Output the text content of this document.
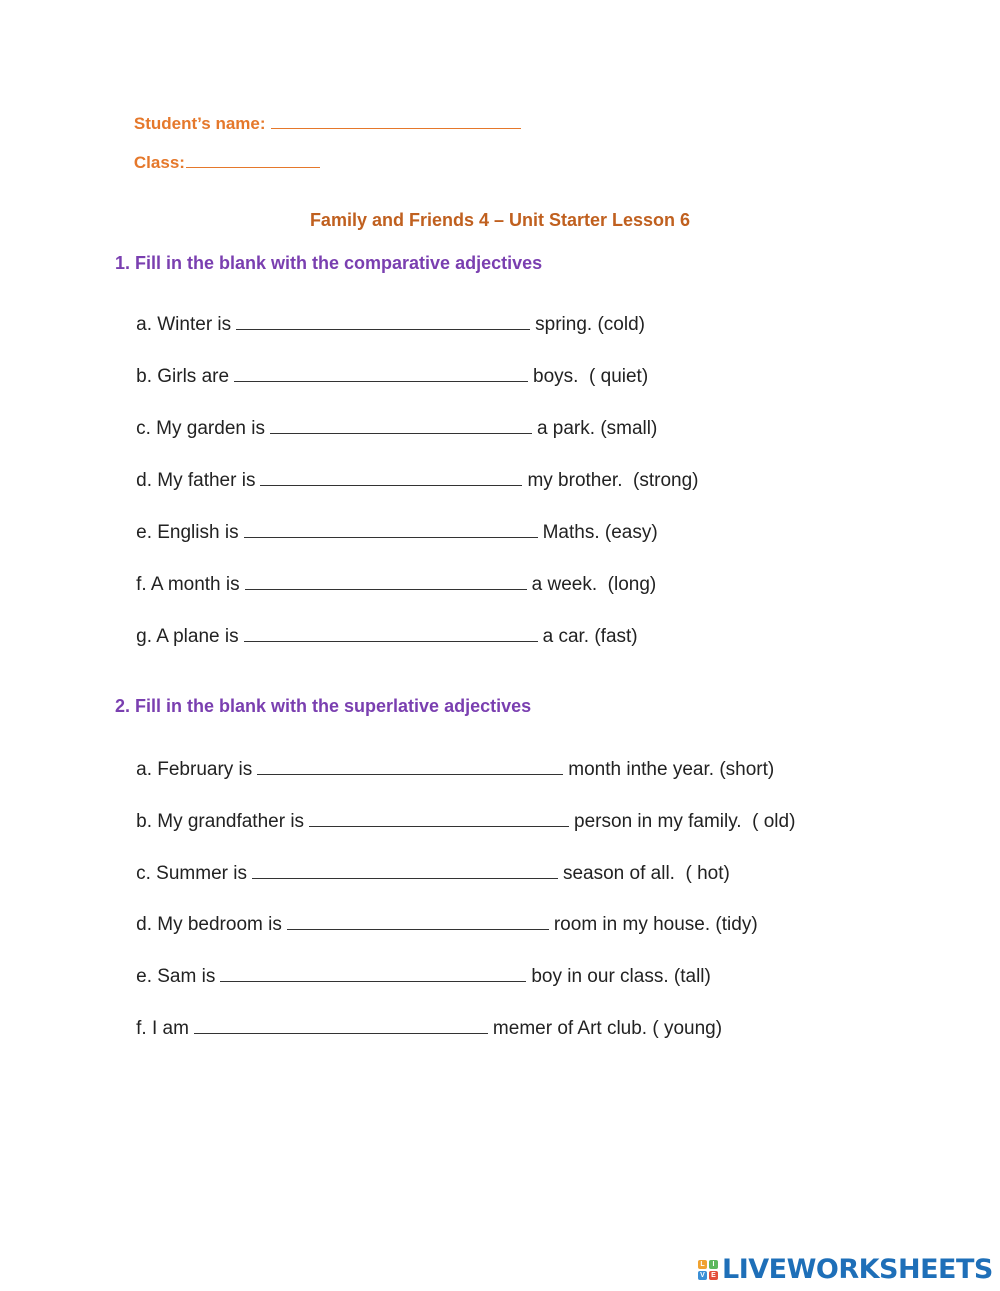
Student’s name:

Class:

Family and Friends 4 – Unit Starter Lesson 6
1. Fill in the blank with the comparative adjectives

a. Winter is	spring. (cold)

b. Girls are	boys.  ( quiet)

c. My garden is	a park. (small)

d. My father is	my brother.  (strong)

e. English is	Maths. (easy)

f. A month is	a week.  (long)

g. A plane is	a car. (fast)

2. Fill in the blank with the superlative adjectives

a. February is	month inthe year. (short)

b. My grandfather is	person in my family.  ( old)

c. Summer is	season of all.  ( hot)

d. My bedroom is	room in my house. (tidy)

e. Sam is	boy in our class. (tall)

f. I am	memer of Art club. ( young)

L	I
V E LIVEWORKSHEETS
